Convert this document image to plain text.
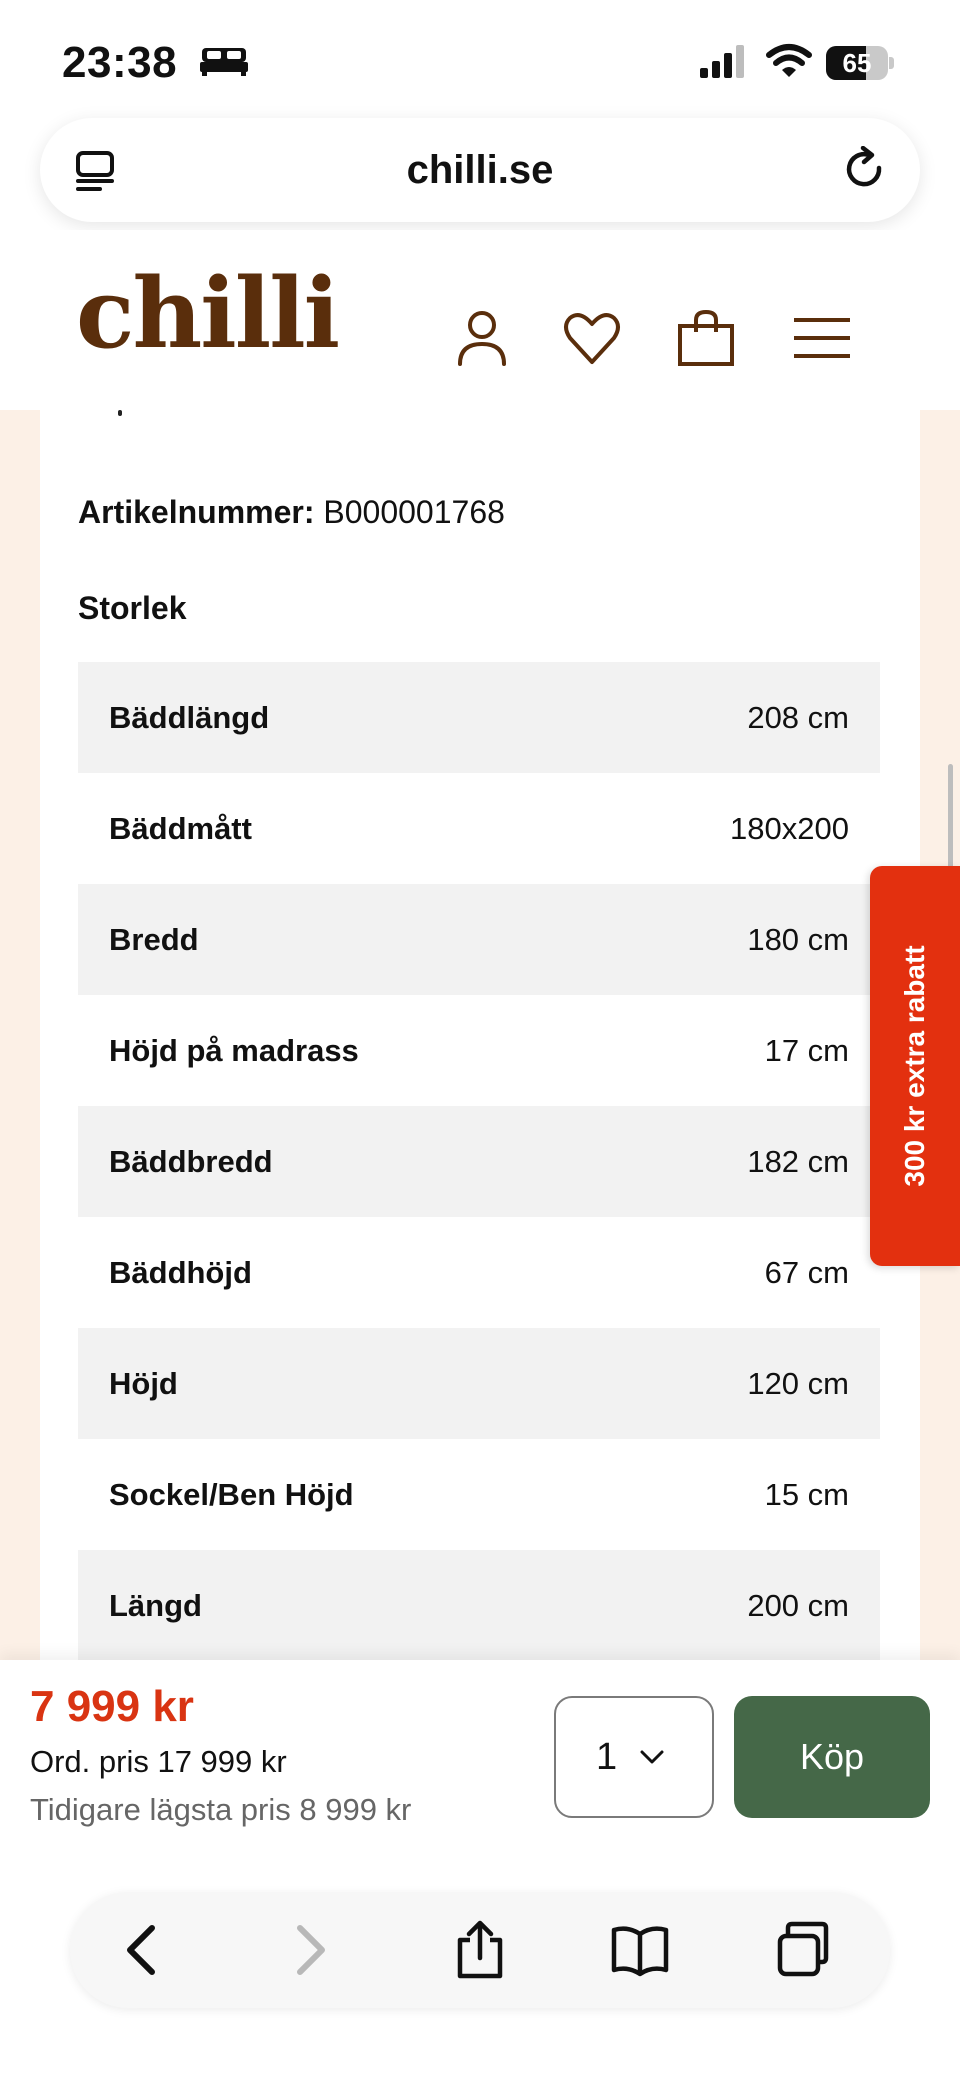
23:38	65
chilli.se
chilli
Artikelnummer: B000001768
Storlek
Bäddlängd	208 cm
Bäddmått	180x200
Bredd	180 cm
Höjd på madrass	17 cm
Bäddbredd	182 cm
Bäddhöjd	67 cm
Höjd	120 cm
Sockel/Ben Höjd	15 cm
Längd	200 cm
300 kr extra rabatt
7 999 kr
Ord. pris 17 999 kr
Tidigare lägsta pris 8 999 kr
1	Köp
